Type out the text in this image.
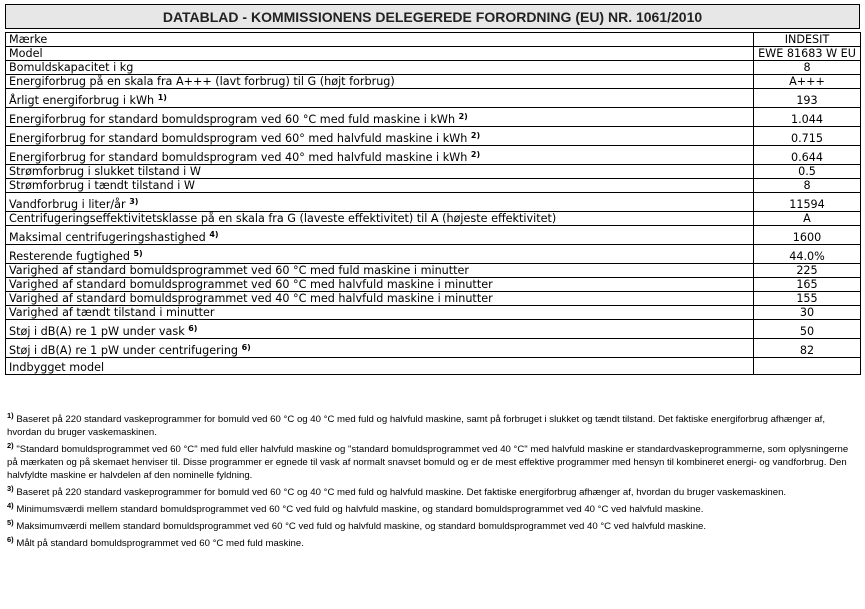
DATABLAD - KOMMISSIONENS DELEGEREDE FORORDNING (EU) NR. 1061/2010
Mærke	INDESIT
Model	EWE 81683 W EU
Bomuldskapacitet i kg	8
Energiforbrug på en skala fra A+++ (lavt forbrug) til G (højt forbrug)	A+++
Årligt energiforbrug i kWh $^{1)}$	193
Energiforbrug for standard bomuldsprogram ved 60 °C med fuld maskine i kWh $^{2)}$	1.044
Energiforbrug for standard bomuldsprogram ved 60° med halvfuld maskine i kWh $^{2)}$	0.715
Energiforbrug for standard bomuldsprogram ved 40° med halvfuld maskine i kWh $^{2)}$	0.644
Strømforbrug i slukket tilstand i W	0.5
Strømforbrug i tændt tilstand i W	8
Vandforbrug i liter/år $^{3)}$	11594
Centrifugeringseffektivitetsklasse på en skala fra G (laveste effektivitet) til A (højeste effektivitet)	A
Maksimal centrifugeringshastighed $^{4)}$	1600
Resterende fugtighed $^{5)}$	44.0%
Varighed af standard bomuldsprogrammet ved 60 °C med fuld maskine i minutter	225
Varighed af standard bomuldsprogrammet ved 60 °C med halvfuld maskine i minutter	165
Varighed af standard bomuldsprogrammet ved 40 °C med halvfuld maskine i minutter	155
Varighed af tændt tilstand i minutter	30
Støj i dB(A) re 1 pW under vask $^{6)}$	50
Støj i dB(A) re 1 pW under centrifugering $^{6)}$	82
Indbygget model	
$^{1)}$ Baseret på 220 standard vaskeprogrammer for bomuld ved 60 °C og 40 °C med fuld og halvfuld maskine, samt på forbruget i slukket og tændt tilstand. Det faktiske energiforbrug afhænger af, hvordan du bruger vaskemaskinen.
$^{2)}$ "Standard bomuldsprogrammet ved 60 °C" med fuld eller halvfuld maskine og "standard bomuldsprogrammet ved 40 °C" med halvfuld maskine er standardvaskeprogrammerne, som oplysningerne på mærkaten og på skemaet henviser til. Disse programmer er egnede til vask af normalt snavset bomuld og er de mest effektive programmer med hensyn til kombineret energi- og vandforbrug. Den halvfyldte maskine er halvdelen af den nominelle fyldning.
$^{3)}$ Baseret på 220 standard vaskeprogrammer for bomuld ved 60 °C og 40 °C med fuld og halvfuld maskine. Det faktiske energiforbrug afhænger af, hvordan du bruger vaskemaskinen.
$^{4)}$ Minimumsværdi mellem standard bomuldsprogrammet ved 60 °C ved fuld og halvfuld maskine, og standard bomuldsprogrammet ved 40 °C ved halvfuld maskine.
$^{5)}$ Maksimumværdi mellem standard bomuldsprogrammet ved 60 °C ved fuld og halvfuld maskine, og standard bomuldsprogrammet ved 40 °C ved halvfuld maskine.
$^{6)}$ Målt på standard bomuldsprogrammet ved 60 °C med fuld maskine.
